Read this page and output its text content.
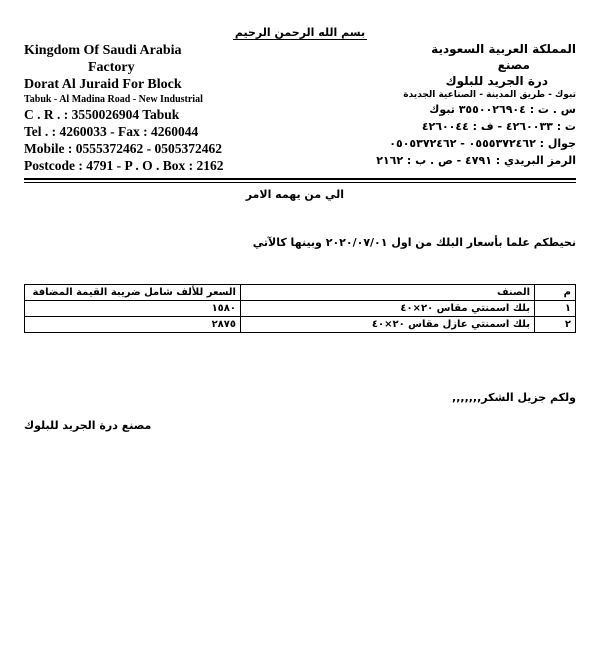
بسم الله الرحمن الرحيم
Kingdom Of Saudi Arabia
Factory
Dorat Al Juraid For Block
Tabuk - Al Madina Road - New Industrial
C . R . : 3550026904 Tabuk
Tel . : 4260033 - Fax : 4260044
Mobile : 0555372462 - 0505372462
Postcode : 4791 - P . O . Box : 2162
المملكة العربية السعودية
مصنع
درة الجريد للبلوك
تبوك - طريق المدينة - الصناعية الجديدة
س . ت : ٣٥٥٠٠٢٦٩٠٤ تبوك
ت : ٤٢٦٠٠٣٣ - ف : ٤٢٦٠٠٤٤
جوال : ٠٥٥٥٣٧٢٤٦٢ - ٠٥٠٥٣٧٢٤٦٢
الرمز البريدي : ٤٧٩١ - ص . ب : ٢١٦٢
الي من يهمه الامر
نحيطكم علما بأسعار البلك من اول ٢٠٢٠/٠٧/٠١ وبينها كالآتي
م	الصنف	السعر للألف شامل ضريبة القيمة المضافة
١	بلك اسمنتي مقاس ٢٠×٤٠	١٥٨٠
٢	بلك اسمنتي عازل مقاس ٢٠×٤٠	٢٨٧٥
ولكم جزيل الشكر,,,,,,,
مصنع درة الجريد للبلوك
